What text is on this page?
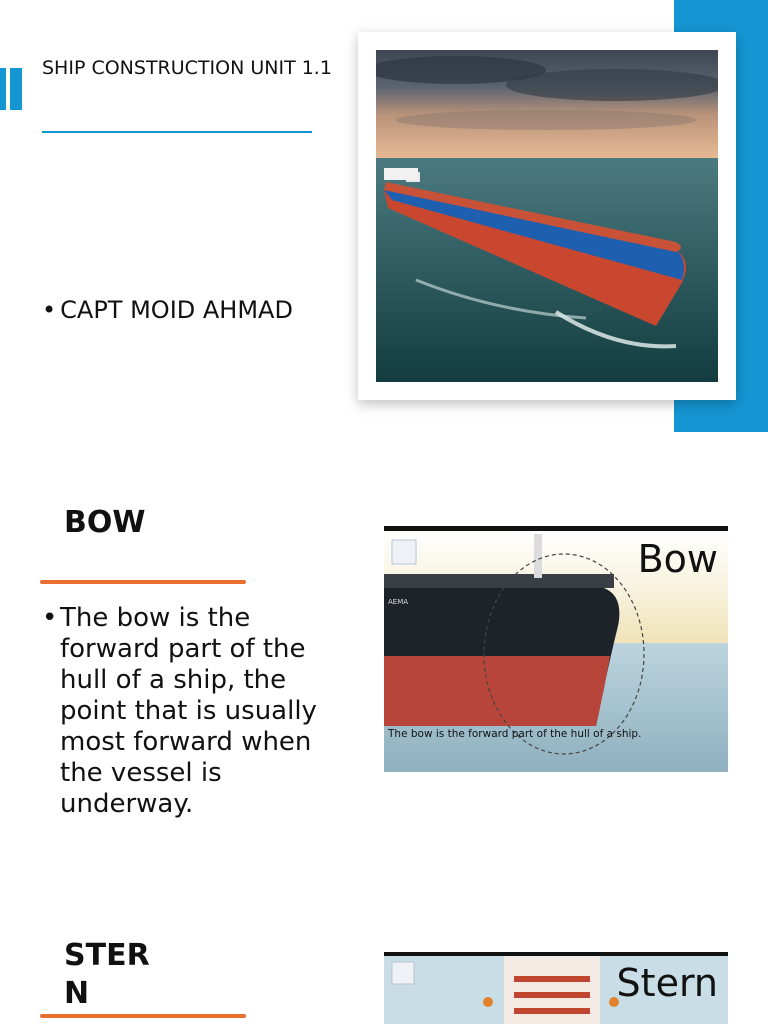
SHIP CONSTRUCTION UNIT 1.1
• CAPT MOID AHMAD
BOW
• The bow is the forward part of the hull of a ship, the point that is usually most forward when the vessel is underway.
AEMA
Bow
The bow is the forward part of the hull of a ship.
STER
N	Stern
